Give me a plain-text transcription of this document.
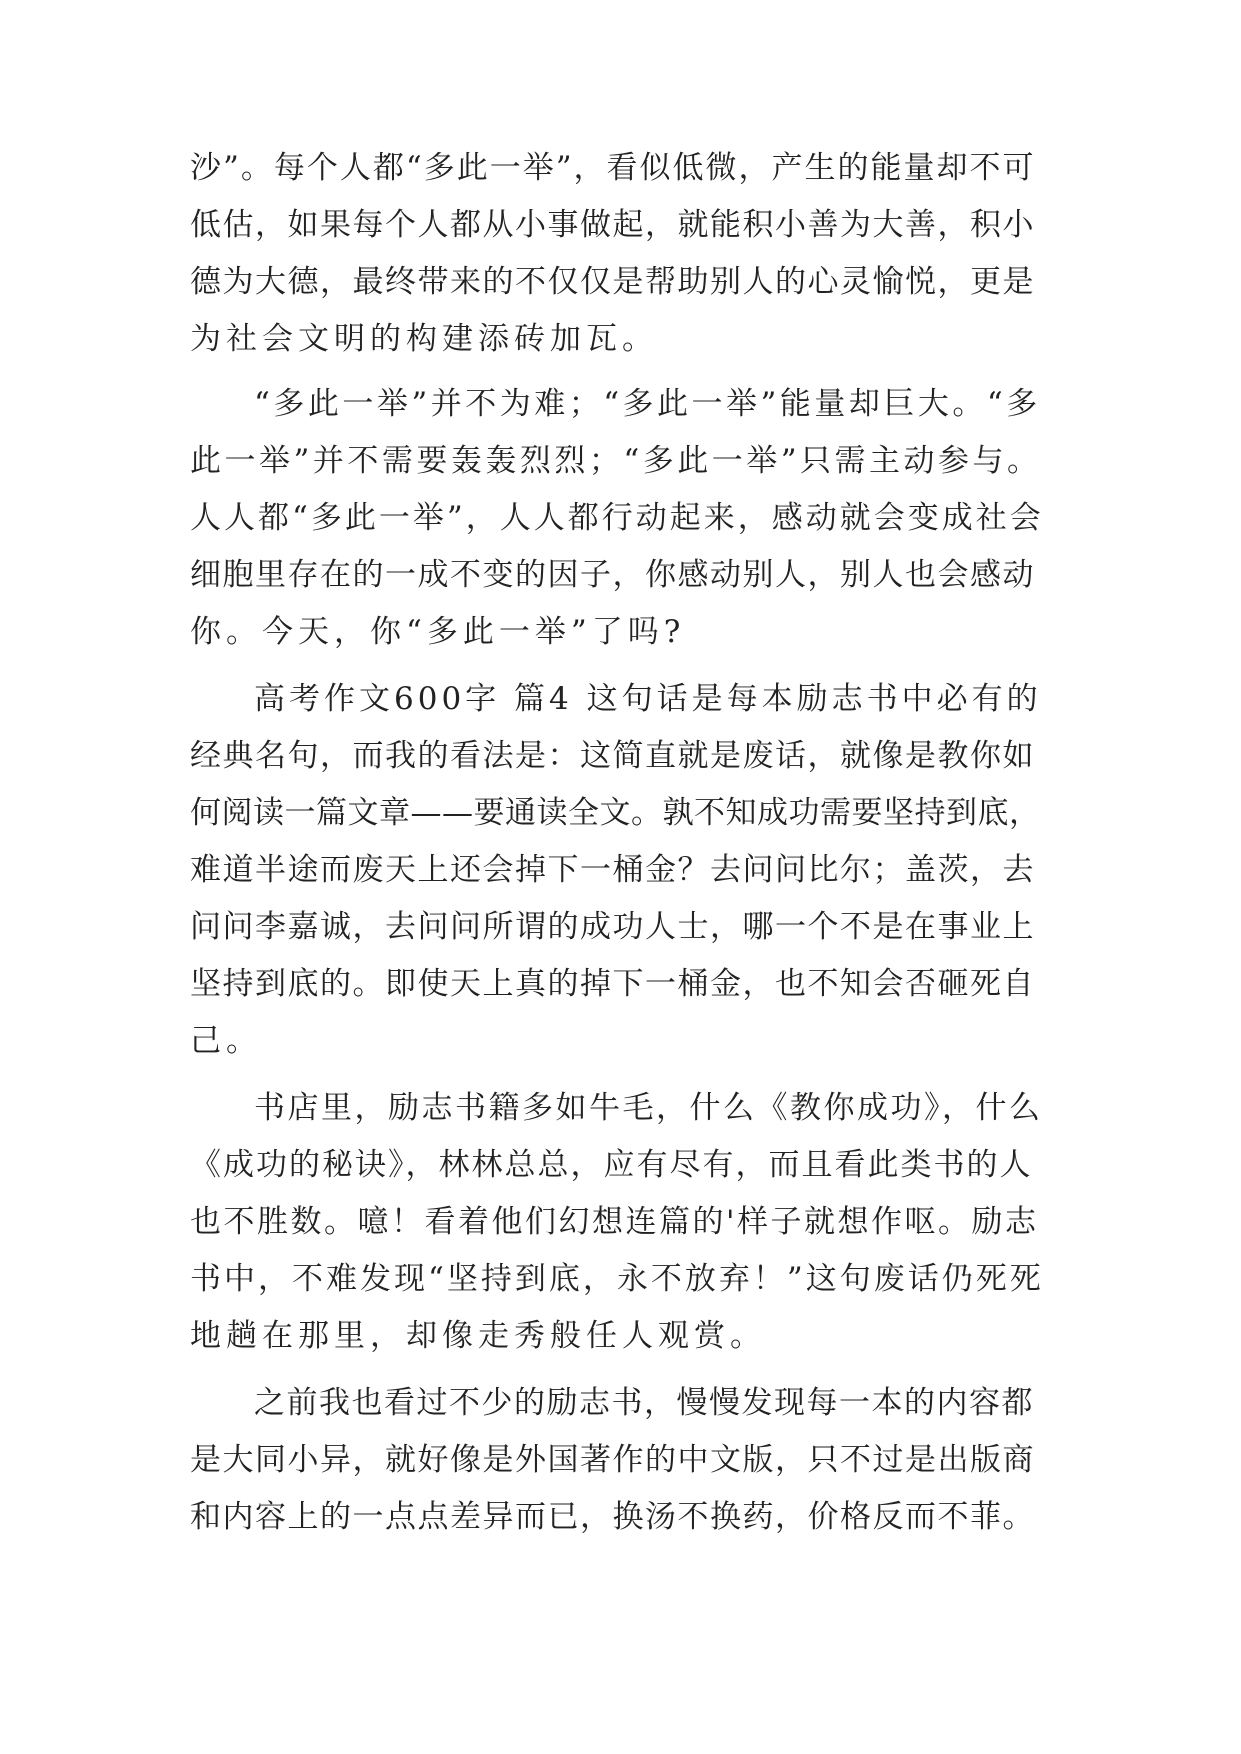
沙”。每个人都“多此一举”，看似低微，产生的能量却不可

低估，如果每个人都从小事做起，就能积小善为大善，积小

德为大德，最终带来的不仅仅是帮助别人的心灵愉悦，更是

为社会文明的构建添砖加瓦。

“多此一举”并不为难；“多此一举”能量却巨大。“多

此一举”并不需要轰轰烈烈；“多此一举”只需主动参与。

人人都“多此一举”，人人都行动起来，感动就会变成社会

细胞里存在的一成不变的因子，你感动别人，别人也会感动

你。今天，你“多此一举”了吗?

高考作文600字 篇4 这句话是每本励志书中必有的

经典名句，而我的看法是：这简直就是废话，就像是教你如

何阅读一篇文章——要通读全文。孰不知成功需要坚持到底，

难道半途而废天上还会掉下一桶金？去问问比尔；盖茨，去

问问李嘉诚，去问问所谓的成功人士，哪一个不是在事业上

坚持到底的。即使天上真的掉下一桶金，也不知会否砸死自

己。

书店里，励志书籍多如牛毛，什么《教你成功》，什么

《成功的秘诀》，林林总总，应有尽有，而且看此类书的人

也不胜数。噫！看着他们幻想连篇的'样子就想作呕。励志

书中，不难发现“坚持到底，永不放弃！”这句废话仍死死

地趟在那里，却像走秀般任人观赏。

之前我也看过不少的励志书，慢慢发现每一本的内容都

是大同小异，就好像是外国著作的中文版，只不过是出版商

和内容上的一点点差异而已，换汤不换药，价格反而不菲。
